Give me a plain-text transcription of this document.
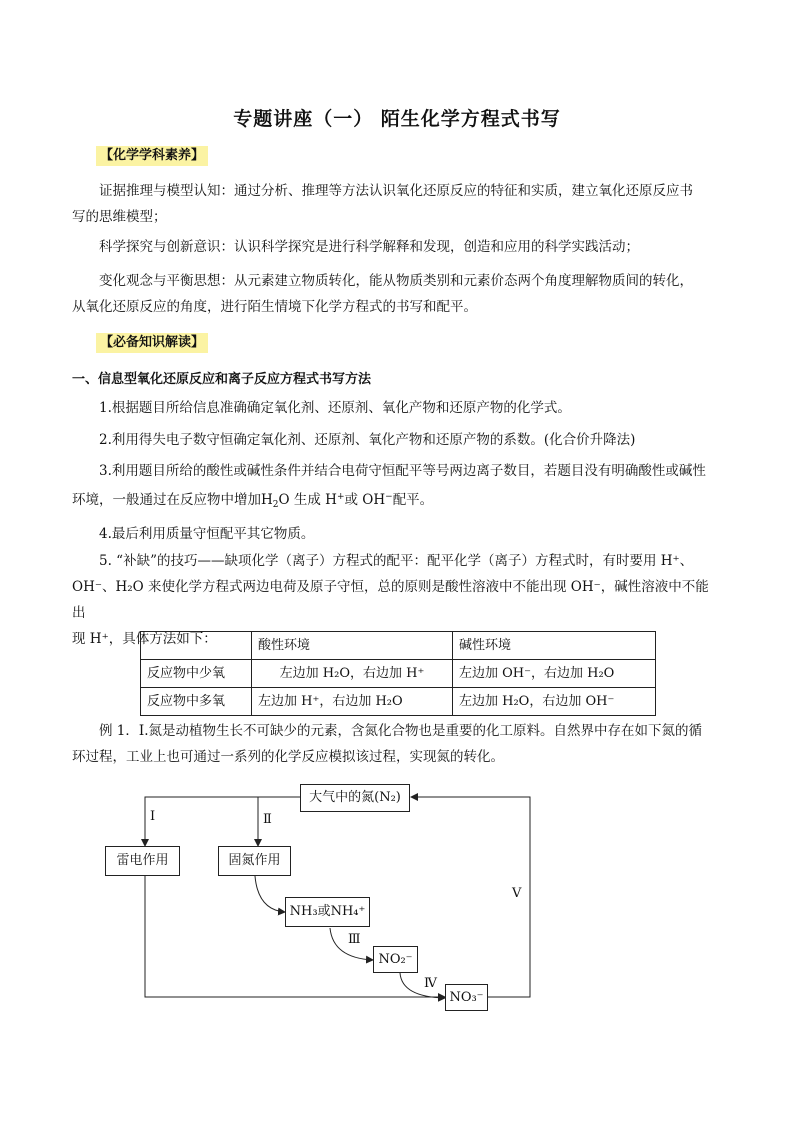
专题讲座（一） 陌生化学方程式书写
【化学学科素养】
证据推理与模型认知：通过分析、推理等方法认识氧化还原反应的特征和实质，建立氧化还原反应书
写的思维模型；
科学探究与创新意识：认识科学探究是进行科学解释和发现，创造和应用的科学实践活动；
变化观念与平衡思想：从元素建立物质转化，能从物质类别和元素价态两个角度理解物质间的转化，
从氧化还原反应的角度，进行陌生情境下化学方程式的书写和配平。
【必备知识解读】
一、信息型氧化还原反应和离子反应方程式书写方法
1.根据题目所给信息准确确定氧化剂、还原剂、氧化产物和还原产物的化学式。
2.利用得失电子数守恒确定氧化剂、还原剂、氧化产物和还原产物的系数。(化合价升降法)
3.利用题目所给的酸性或碱性条件并结合电荷守恒配平等号两边离子数目，若题目没有明确酸性或碱性
环境，一般通过在反应物中增加$H_2O$ 生成 H+或 OH−配平。
4.最后利用质量守恒配平其它物质。
5. “补缺”的技巧——缺项化学（离子）方程式的配平：配平化学（离子）方程式时，有时要用 H⁺、
OH⁻、H₂O 来使化学方程式两边电荷及原子守恒，总的原则是酸性溶液中不能出现 OH⁻，碱性溶液中不能出
现 H⁺，具体方法如下：
		酸性环境	碱性环境
反应物中少氧	左边加 H₂O，右边加 H⁺	左边加 OH⁻，右边加 H₂O
反应物中多氧	左边加 H⁺，右边加 H₂O	左边加 H₂O，右边加 OH⁻
例 1．I.氮是动植物生长不可缺少的元素，含氮化合物也是重要的化工原料。自然界中存在如下氮的循
环过程，工业上也可通过一系列的化学反应模拟该过程，实现氮的转化。
大气中的氮(N₂)
雷电作用	固氮作用
NH₃或NH₄⁺
NO₂⁻
NO₃⁻
Ⅰ	Ⅱ
Ⅲ
Ⅳ
Ⅴ
